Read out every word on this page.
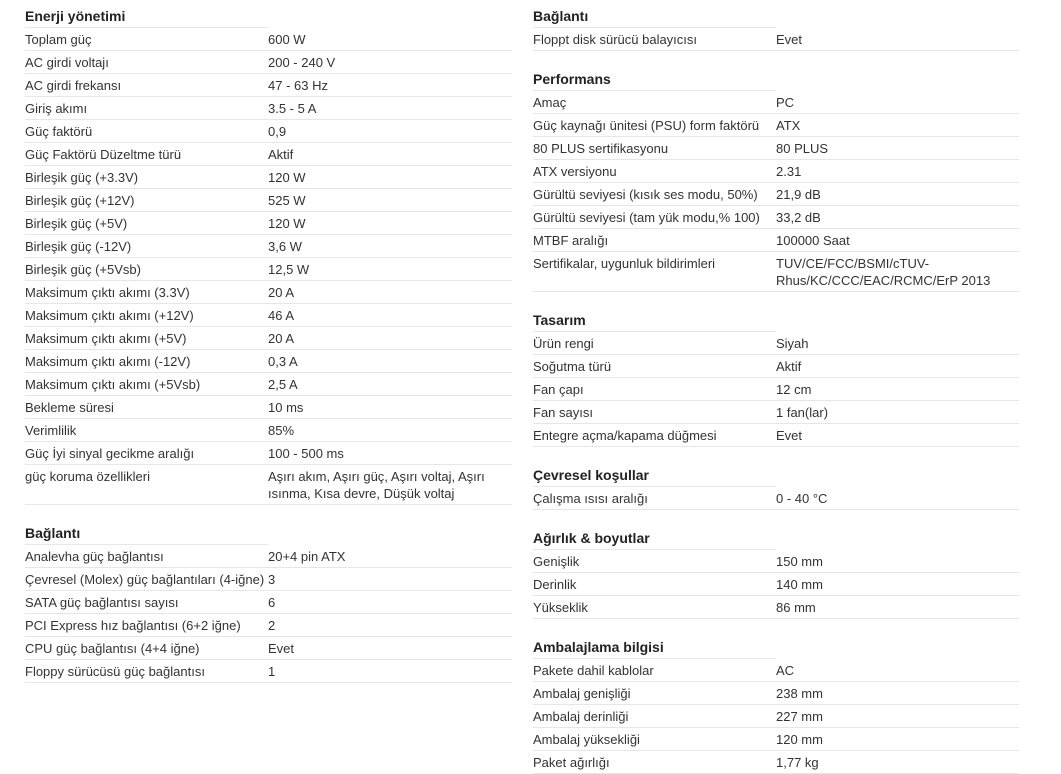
Enerji yönetimi
Toplam güç	600 W
AC girdi voltajı	200 - 240 V
AC girdi frekansı	47 - 63 Hz
Giriş akımı	3.5 - 5 A
Güç faktörü	0,9
Güç Faktörü Düzeltme türü	Aktif
Birleşik güç (+3.3V)	120 W
Birleşik güç (+12V)	525 W
Birleşik güç (+5V)	120 W
Birleşik güç (-12V)	3,6 W
Birleşik güç (+5Vsb)	12,5 W
Maksimum çıktı akımı (3.3V)	20 A
Maksimum çıktı akımı (+12V)	46 A
Maksimum çıktı akımı (+5V)	20 A
Maksimum çıktı akımı (-12V)	0,3 A
Maksimum çıktı akımı (+5Vsb)	2,5 A
Bekleme süresi	10 ms
Verimlilik	85%
Güç İyi sinyal gecikme aralığı	100 - 500 ms
güç koruma özellikleri	Aşırı akım, Aşırı güç, Aşırı voltaj, Aşırı ısınma, Kısa devre, Düşük voltaj
Bağlantı
Analevha güç bağlantısı	20+4 pin ATX
Çevresel (Molex) güç bağlantıları (4-iğne)	3
SATA güç bağlantısı sayısı	6
PCI Express hız bağlantısı (6+2 iğne)	2
CPU güç bağlantısı (4+4 iğne)	Evet
Floppy sürücüsü güç bağlantısı	1
Bağlantı
Floppt disk sürücü balayıcısı	Evet
Performans
Amaç	PC
Güç kaynağı ünitesi (PSU) form faktörü	ATX
80 PLUS sertifikasyonu	80 PLUS
ATX versiyonu	2.31
Gürültü seviyesi (kısık ses modu, 50%)	21,9 dB
Gürültü seviyesi (tam yük modu,% 100)	33,2 dB
MTBF aralığı	100000 Saat
Sertifikalar, uygunluk bildirimleri	TUV/CE/FCC/BSMI/cTUV-Rhus/KC/CCC/EAC/RCMC/ErP 2013
Tasarım
Ürün rengi	Siyah
Soğutma türü	Aktif
Fan çapı	12 cm
Fan sayısı	1 fan(lar)
Entegre açma/kapama düğmesi	Evet
Çevresel koşullar
Çalışma ısısı aralığı	0 - 40 °C
Ağırlık & boyutlar
Genişlik	150 mm
Derinlik	140 mm
Yükseklik	86 mm
Ambalajlama bilgisi
Pakete dahil kablolar	AC
Ambalaj genişliği	238 mm
Ambalaj derinliği	227 mm
Ambalaj yüksekliği	120 mm
Paket ağırlığı	1,77 kg
